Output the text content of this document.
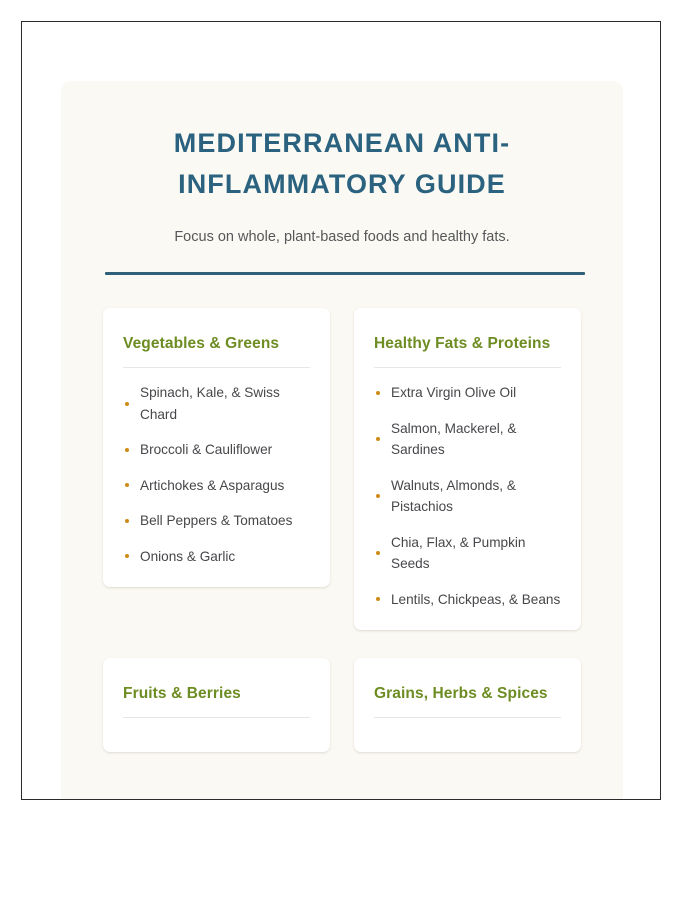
MEDITERRANEAN ANTI-INFLAMMATORY GUIDE

Focus on whole, plant-based foods and healthy fats.

Vegetables & Greens
Spinach, Kale, & Swiss Chard
Broccoli & Cauliflower
Artichokes & Asparagus
Bell Peppers & Tomatoes
Onions & Garlic
Healthy Fats & Proteins
Extra Virgin Olive Oil
Salmon, Mackerel, & Sardines
Walnuts, Almonds, & Pistachios
Chia, Flax, & Pumpkin Seeds
Lentils, Chickpeas, & Beans
Fruits & Berries	Grains, Herbs & Spices
